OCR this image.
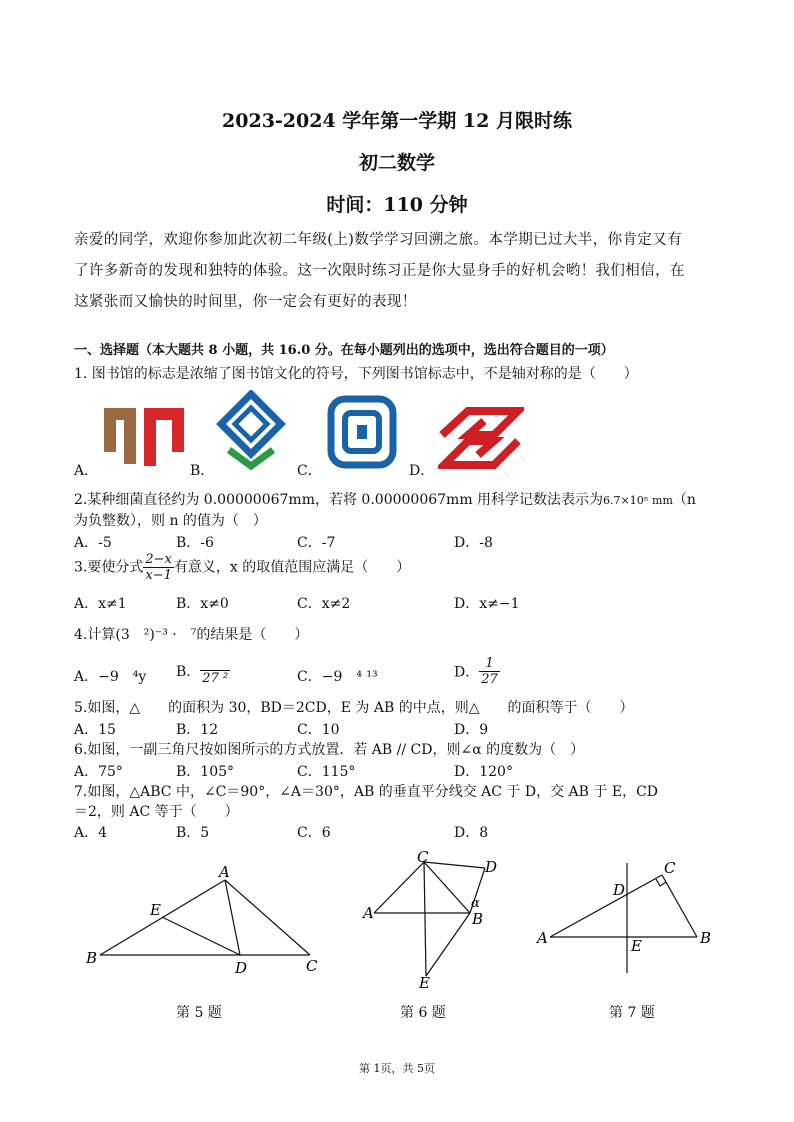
2023-2024 学年第一学期 12 月限时练
初二数学
时间：110 分钟
亲爱的同学，欢迎你参加此次初二年级(上)数学学习回溯之旅。本学期已过大半，你肯定又有
了许多新奇的发现和独特的体验。这一次限时练习正是你大显身手的好机会哟！我们相信，在
这紧张而又愉快的时间里，你一定会有更好的表现！
一、选择题（本大题共 8 小题，共 16.0 分。在每小题列出的选项中，选出符合题目的一项）
1. 图书馆的标志是浓缩了图书馆文化的符号，下列图书馆标志中，不是轴对称的是（　　）
A．	B．	C．	D．
2.某种细菌直径约为 0.00000067mm，若将 0.00000067mm 用科学记数法表示为6.7×10ⁿ mm（n
为负整数），则 n 的值为（　）
A．-5	B．-6	C．-7	D．-8
3.要使分式 $\frac{2-x}{x-1}$ 有意义，x 的取值范围应满足（　　）
A．x≠1	B．x≠0	C．x≠2	D．x≠−1
4.计算(3　²)⁻³ ·　⁷的结果是（　　）
A．−9　⁴y B． 27 ²	C．−9　⁴ ¹³	D． $\frac{1}{27}$
5.如图，△　　的面积为 30，BD＝2CD，E 为 AB 的中点，则△　　的面积等于（　　）
A．15	B．12	C．10	D．9
6.如图，一副三角尺按如图所示的方式放置．若 AB // CD，则∠α 的度数为（　）
A．75°	B．105°	C．115°	D．120°
7.如图，△ABC 中，∠C＝90°，∠A＝30°，AB 的垂直平分线交 AC 于 D，交 AB 于 E，CD
＝2，则 AC 等于（　　）
A．4	B．5	C．6	D．8
A
E
B
D	C
第 5 题
C
D
A
α
B
E
第 6 题
C
D
A	E	B
第 7 题
第 1页，共 5页
